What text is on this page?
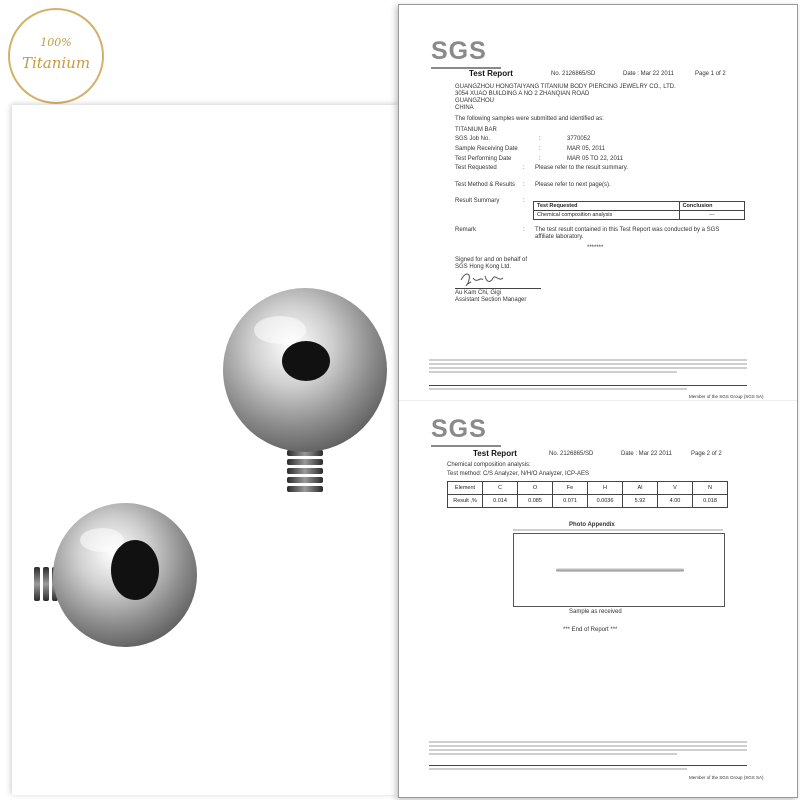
100%
Titanium	SGS
Test Report	No. 2126865/SD	Date : Mar 22 2011	Page 1 of 2
GUANGZHOU HONGTAIYANG TITANIUM BODY PIERCING JEWELRY CO., LTD.
3054 XUAO BUILDING A NO 2 ZHANQIAN ROAD
GUANGZHOU
CHINA
The following samples were submitted and identified as:
TITANIUM BAR
SGS Job No.	:	3770052
Sample Receiving Date	:	MAR 05, 2011
Test Performing Date	:	MAR 05 TO 22, 2011
Test Requested	: Please refer to the result summary.
Test Method & Results : Please refer to next page(s).
Result Summary	:
Test Requested	Conclusion
Chemical composition analysis	---
Remark	: The test result contained in this Test Report was conducted by a SGS
affiliate laboratory.
*******
Signed for and on behalf of
SGS Hong Kong Ltd.
Au Kam Chi, Gigi
Assistant Section Manager
Member of the SGS Group (SGS SA)
SGS
Test Report	No. 2126865/SD	Date : Mar 22 2011	Page 2 of 2
Chemical composition analysis:
Test method: C/S Analyzer, N/H/O Analyzer, ICP-AES
Element	C	O	Fe	H	Al	V	N
Result ,%	0.014	0.085	0.071	0.0036	5.92	4.00	0.018
Photo Appendix
Sample as received
*** End of Report ***
Member of the SGS Group (SGS SA)
